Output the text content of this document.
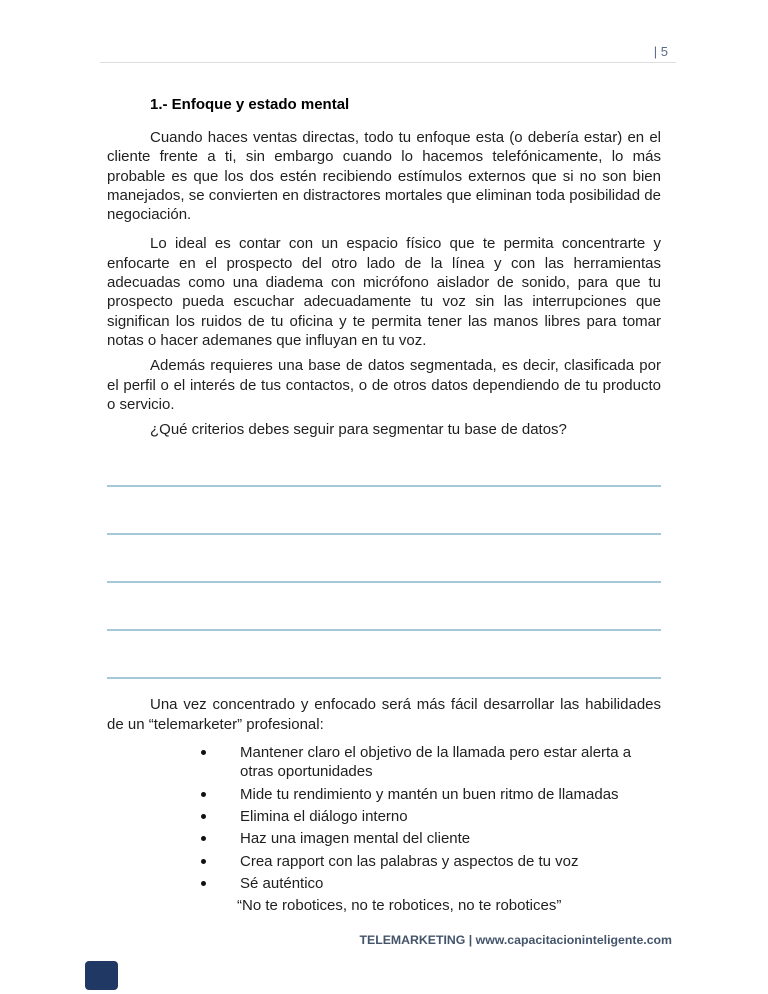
| 5
1.- Enfoque y estado mental

Cuando haces ventas directas, todo tu enfoque esta (o debería estar) en el cliente frente a ti, sin embargo cuando lo hacemos telefónicamente, lo más probable es que los dos estén recibiendo estímulos externos que si no son bien manejados, se convierten en distractores mortales que eliminan toda posibilidad de negociación.

Lo ideal es contar con un espacio físico que te permita concentrarte y enfocarte en el prospecto del otro lado de la línea y con las herramientas adecuadas como una diadema con micrófono aislador de sonido, para que tu prospecto pueda escuchar adecuadamente tu voz sin las interrupciones que significan los ruidos de tu oficina y te permita tener las manos libres para tomar notas o hacer ademanes que influyan en tu voz.

Además requieres una base de datos segmentada, es decir, clasificada por el perfil o el interés de tus contactos, o de otros datos dependiendo de tu producto o servicio.

¿Qué criterios debes seguir para segmentar tu base de datos?

Una vez concentrado y enfocado será más fácil desarrollar las habilidades de un “telemarketer” profesional:

Mantener claro el objetivo de la llamada pero estar alerta a otras oportunidades
Mide tu rendimiento y mantén un buen ritmo de llamadas
Elimina el diálogo interno
Haz una imagen mental del cliente
Crea rapport con las palabras y aspectos de tu voz
Sé auténtico

“No te robotices, no te robotices, no te robotices”

TELEMARKETING | www.capacitacioninteligente.com
